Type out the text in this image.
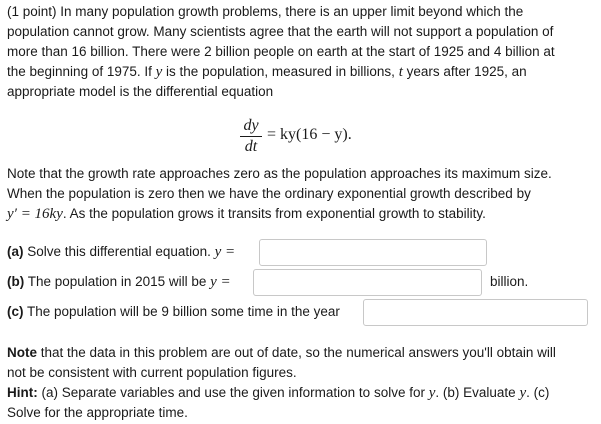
(1 point) In many population growth problems, there is an upper limit beyond which the
population cannot grow. Many scientists agree that the earth will not support a population of
more than 16 billion. There were 2 billion people on earth at the start of 1925 and 4 billion at
the beginning of 1975. If y is the population, measured in billions, t years after 1925, an
appropriate model is the differential equation
dy
dt
= ky(16 − y).
Note that the growth rate approaches zero as the population approaches its maximum size.
When the population is zero then we have the ordinary exponential growth described by
y′ = 16ky. As the population grows it transits from exponential growth to stability.
(a) Solve this differential equation. y =
(b) The population in 2015 will be y =	billion.
(c) The population will be 9 billion some time in the year
Note that the data in this problem are out of date, so the numerical answers you'll obtain will
not be consistent with current population figures.
Hint: (a) Separate variables and use the given information to solve for y. (b) Evaluate y. (c)
Solve for the appropriate time.
